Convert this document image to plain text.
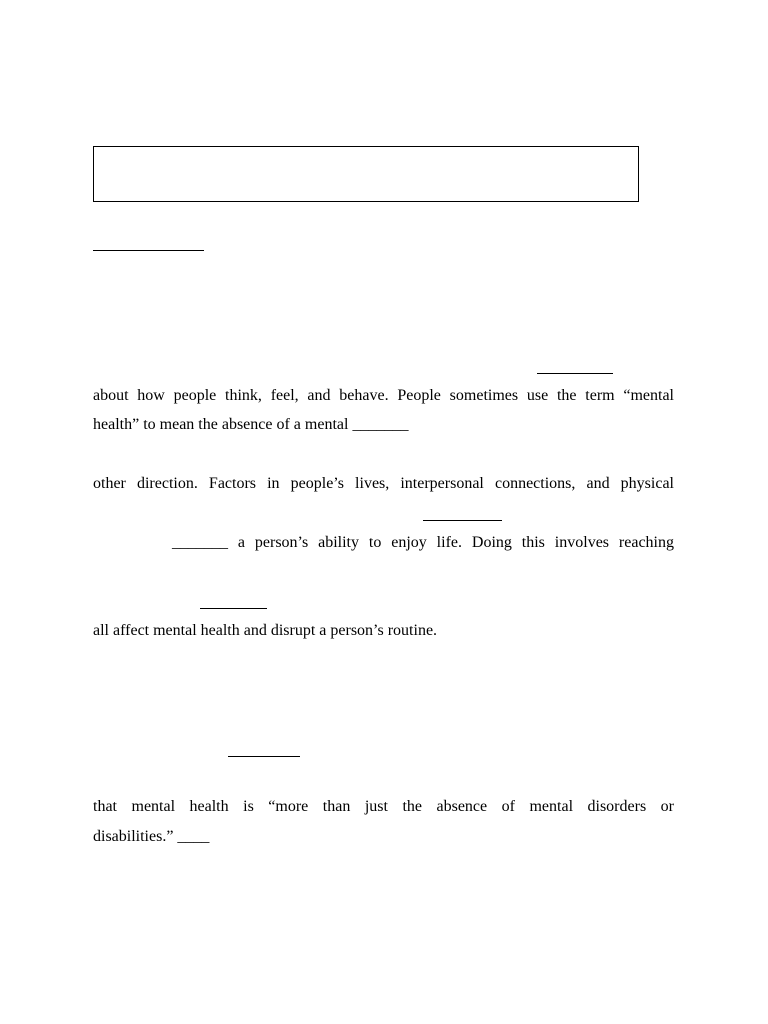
about how people think, feel, and behave. People sometimes use the term “mental

health” to mean the absence of a mental _______

other direction. Factors in people’s lives, interpersonal connections, and physical

_______ a person’s ability to enjoy life. Doing this involves reaching

all affect mental health and disrupt a person’s routine.

that mental health is “more than just the absence of mental disorders or

disabilities.” ____
